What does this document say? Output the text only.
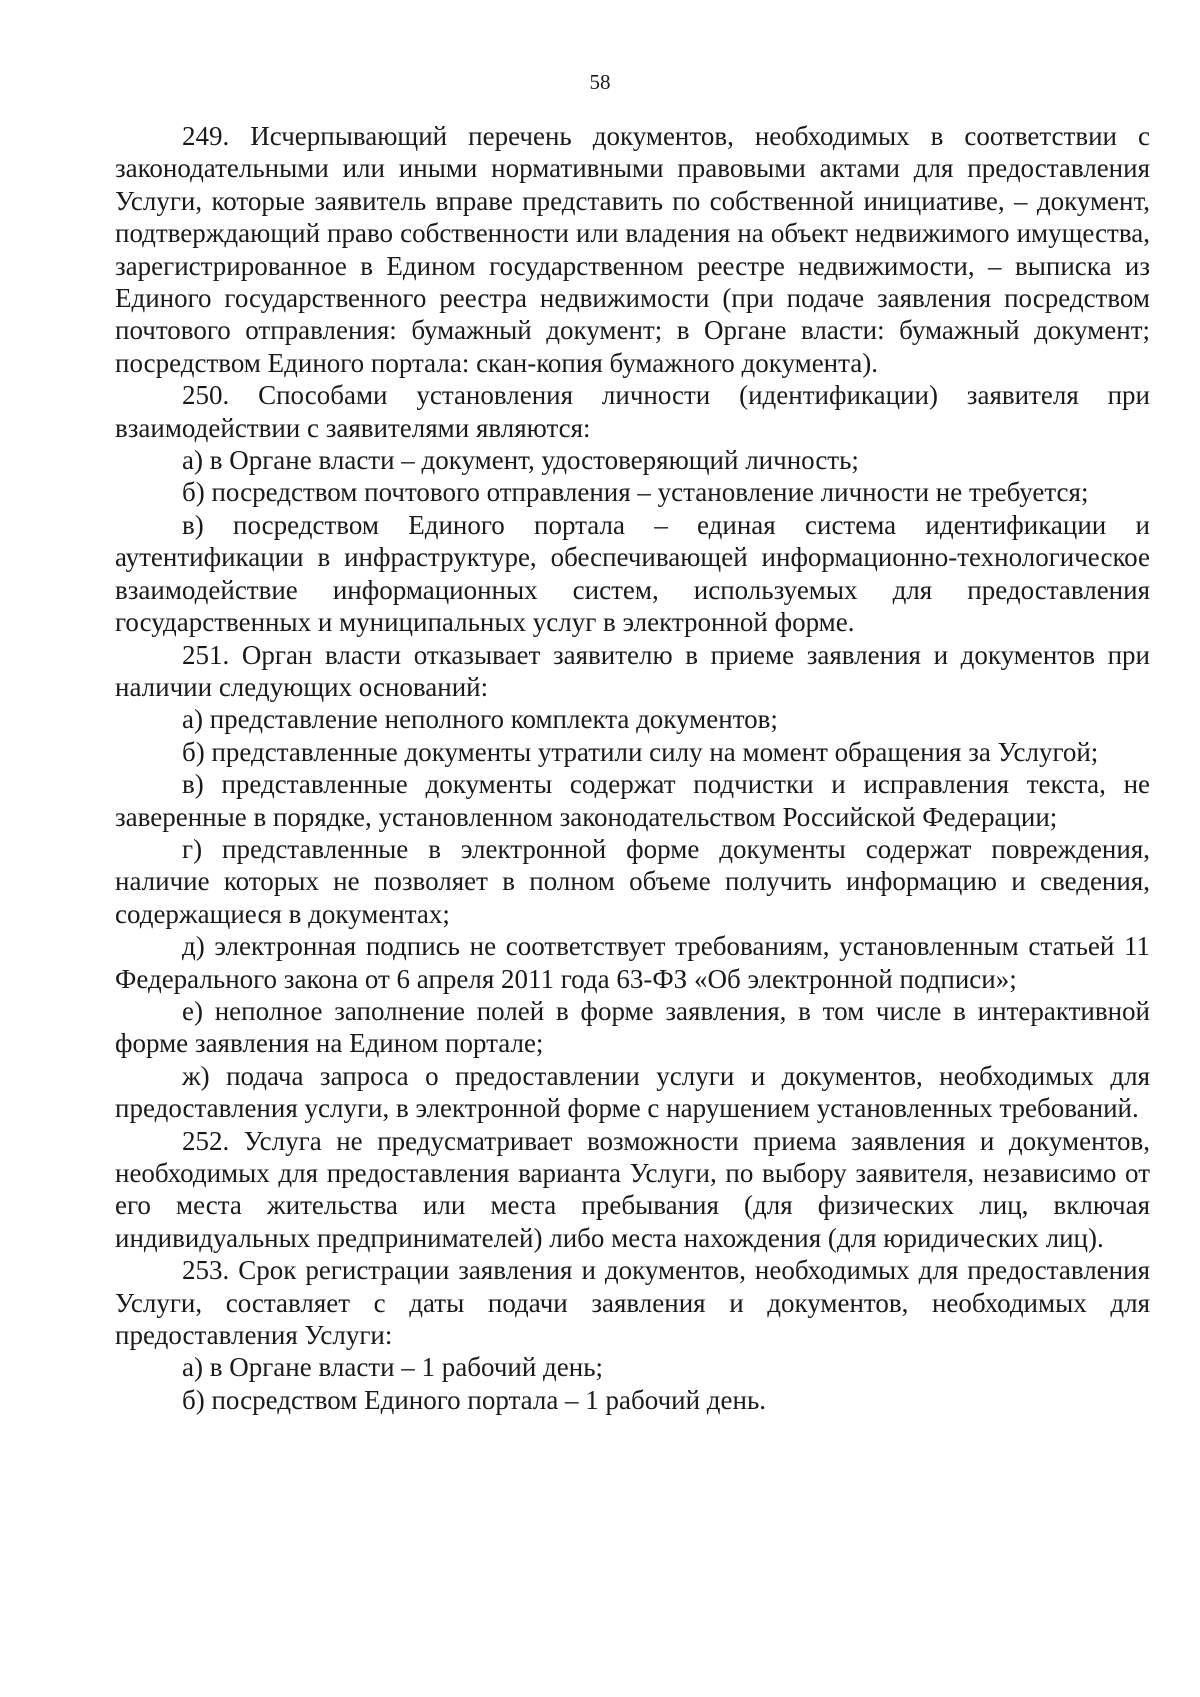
58

249. Исчерпывающий перечень документов, необходимых в соответствии с законодательными или иными нормативными правовыми актами для предоставления Услуги, которые заявитель вправе представить по собственной инициативе, – документ, подтверждающий право собственности или владения на объект недвижимого имущества, зарегистрированное в Едином государственном реестре недвижимости, – выписка из Единого государственного реестра недвижимости (при подаче заявления посредством почтового отправления: бумажный документ; в Органе власти: бумажный документ; посредством Единого портала: скан-копия бумажного документа).

250. Способами установления личности (идентификации) заявителя при взаимодействии с заявителями являются:

а) в Органе власти – документ, удостоверяющий личность;

б) посредством почтового отправления – установление личности не требуется;

в) посредством Единого портала – единая система идентификации и аутентификации в инфраструктуре, обеспечивающей информационно-технологическое взаимодействие информационных систем, используемых для предоставления государственных и муниципальных услуг в электронной форме.

251. Орган власти отказывает заявителю в приеме заявления и документов при наличии следующих оснований:

а) представление неполного комплекта документов;

б) представленные документы утратили силу на момент обращения за Услугой;

в) представленные документы содержат подчистки и исправления текста, не заверенные в порядке, установленном законодательством Российской Федерации;

г) представленные в электронной форме документы содержат повреждения, наличие которых не позволяет в полном объеме получить информацию и сведения, содержащиеся в документах;

д) электронная подпись не соответствует требованиям, установленным статьей 11 Федерального закона от 6 апреля 2011 года 63-ФЗ «Об электронной подписи»;

е) неполное заполнение полей в форме заявления, в том числе в интерактивной форме заявления на Едином портале;

ж) подача запроса о предоставлении услуги и документов, необходимых для предоставления услуги, в электронной форме с нарушением установленных требований.

252. Услуга не предусматривает возможности приема заявления и документов, необходимых для предоставления варианта Услуги, по выбору заявителя, независимо от его места жительства или места пребывания (для физических лиц, включая индивидуальных предпринимателей) либо места нахождения (для юридических лиц).

253. Срок регистрации заявления и документов, необходимых для предоставления Услуги, составляет с даты подачи заявления и документов, необходимых для предоставления Услуги:

а) в Органе власти – 1 рабочий день;

б) посредством Единого портала – 1 рабочий день.
